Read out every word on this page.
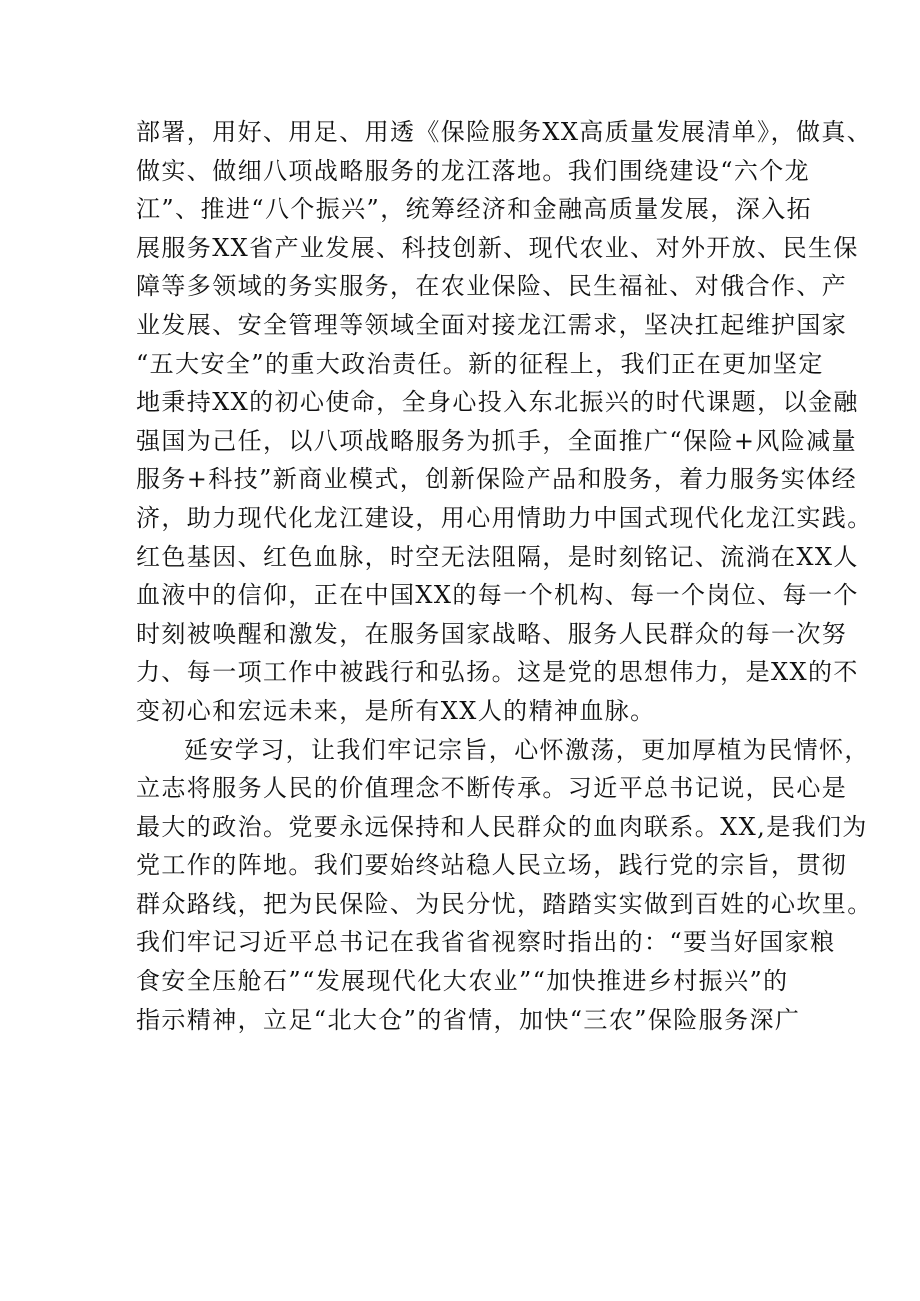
部署，用好、用足、用透《保险服务XX高质量发展清单》，做真、
做实、做细八项战略服务的龙江落地。我们围绕建设“六个龙
江”、推进“八个振兴”，统筹经济和金融高质量发展，深入拓
展服务XX省产业发展、科技创新、现代农业、对外开放、民生保
障等多领域的务实服务，在农业保险、民生福祉、对俄合作、产
业发展、安全管理等领域全面对接龙江需求，坚决扛起维护国家
“五大安全”的重大政治责任。新的征程上，我们正在更加坚定
地秉持XX的初心使命，全身心投入东北振兴的时代课题，以金融
强国为己任，以八项战略服务为抓手，全面推广“保险+风险减量
服务+科技”新商业模式，创新保险产品和股务，着力服务实体经
济，助力现代化龙江建设，用心用情助力中国式现代化龙江实践。
红色基因、红色血脉，时空无法阻隔，是时刻铭记、流淌在XX人
血液中的信仰，正在中国XX的每一个机构、每一个岗位、每一个
时刻被唤醒和激发，在服务国家战略、服务人民群众的每一次努
力、每一项工作中被践行和弘扬。这是党的思想伟力，是XX的不
变初心和宏远未来，是所有XX人的精神血脉。
延安学习，让我们牢记宗旨，心怀激荡，更加厚植为民情怀，
立志将服务人民的价值理念不断传承。习近平总书记说，民心是
最大的政治。党要永远保持和人民群众的血肉联系。XX,是我们为
党工作的阵地。我们要始终站稳人民立场，践行党的宗旨，贯彻
群众路线，把为民保险、为民分忧，踏踏实实做到百姓的心坎里。
我们牢记习近平总书记在我省省视察时指出的：“要当好国家粮
食安全压舱石”“发展现代化大农业”“加快推进乡村振兴”的
指示精神，立足“北大仓”的省情，加快“三农”保险服务深广
